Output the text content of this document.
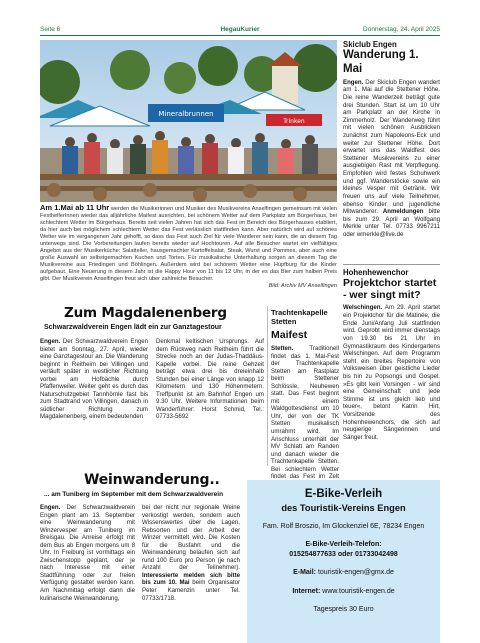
Seite 6	HegauKurier	Donnerstag, 24. April 2025
Mineralbrunnen
Trinken
Am 1.Mai ab 11 Uhr werden die Musikerinnen und Musiker des Musikvereins Anselfingen gemeinsam mit vielen FesthelferInnen wieder das alljährliche Maifest ausrichten, bei schönem Wetter auf dem Parkplatz am Bürgerhaus, bei schlechtem Wetter im Bürgerhaus. Bereits seit vielen Jahren hat sich das Fest im Bereich des Bürgerhauses etabliert, da hier auch bei möglichem schlechtem Wetter das Fest verlässlich stattfinden kann. Aber natürlich wird auf schönes Wetter wie im vergangenen Jahr gehofft, so dass das Fest auch Ziel für viele Wanderer sein kann, die an diesem Tag unterwegs sind. Die Vorbereitungen laufen bereits wieder auf Hochtouren. Auf alle Besucher wartet ein vielfältiges Angebot aus der Musikerküche: Salatteller, hausgemachter Kartoffelsalat, Steak, Wurst und Pommes, aber auch eine große Auswahl an selbstgemachten Kuchen und Torten. Für musikalische Unterhaltung sorgen an diesem Tag die Musikvereine aus Friedingen und Böhlingen. Außerdem wird bei schönem Wetter eine Hüpfburg für die Kinder aufgebaut. Eine Neuerung in diesem Jahr ist die Happy Hour von 11 bis 12 Uhr, in der es das Bier zum halben Preis gibt. Der Musikverein Anselfingen freut sich über zahlreiche Besucher.
Bild: Archiv MV Anselfingen
Skiclub Engen
Wanderung 1. Mai
Engen. Der Skiclub Engen wandert am 1. Mai auf die Stettener Höhe. Die reine Wanderzeit beträgt gute drei Stunden. Start ist um 10 Uhr am Parkplatz an der Kirche in Zimmerholz. Der Wanderweg führt mit vielen schönen Ausblicken zunächst zum Napoleons-Eck und weiter zur Stettener Höhe. Dort erwartet uns das Waldfest des Stettener Musikvereins zu einer ausgiebigen Rast mit Verpflegung. Empfohlen wird festes Schuhwerk und ggf. Wanderstöcke sowie ein kleines Vesper mit Getränk. Wir freuen uns auf viele Teilnehmer, ebenso Kinder und jugendliche Mitwanderer. Anmeldungen bitte bis zum 29. April an Wolfgang Merkle unter Tel. 07733 9967211 oder wmerkle@live.de
Hohenhewenchor
Projektchor startet - wer singt mit?
Welschingen. Am 29. April startet ein Projektchor für die Matinée, die Ende Juni/Anfang Juli stattfinden wird. Geprobt wird immer dienstags von 19.30 bis 21 Uhr im Gymnastikraum des Kindergartens Welschingen. Auf dem Programm steht ein breites Repertoire von Volksweisen über geistliche Lieder bis hin zu Popsongs und Gospel. »Es gibt kein Vorsingen - wir sind eine Gemeinschaft und jede Stimme ist uns gleich lieb und teuer«, betont Katrin Hirt, Vorsitzende des Hohenhewenchors, die sich auf neugierige Sängerinnen und Sänger freut.
Zum Magdalenenberg
Schwarzwaldverein Engen lädt ein zur Ganztagestour
Engen. Der Schwarzwaldverein Engen bietet am Sonntag, 27. April, wieder eine Ganztagestour an. Die Wanderung beginnt in Reitheim bei Villingen und verläuft später in westlicher Richtung vorbei am Hofbächle durch Pfaffenweiler. Weiter geht es durch das Naturschutzgebiet Tannhörnle fast bis zum Stadtrand von Villingen, danach in südlicher Richtung zum Magdalenenberg, einem bedeutenden
Denkmal keltischen Ursprungs. Auf dem Rückweg nach Reitheim führt die Strecke noch an der Judas-Thaddäus-Kapelle vorbei. Die reine Gehzeit beträgt etwa drei bis dreieinhalb Stunden bei einer Länge von knapp 12 Kilometern und 130 Höhenmetern. Treffpunkt ist am Bahnhof Engen um 9.30 Uhr. Weitere Informationen beim Wanderführer: Horst Schmid, Tel.: 07733-5692
Trachtenkapelle Stetten
Maifest
Stetten.	Traditionell findet das 1. Mai-Fest der Trachtenkapelle Stetten am Rastplatz beim Stettener Schlössle, Neuhewen statt. Das Fest beginnt mit einem Waldgottesdienst um 10 Uhr, der von der TK Stetten musikalisch umrahmt wird. Im Anschluss unterhält der MV Schlatt am Randen und danach wieder die Trachtenkapelle Stetten. Bei schlechtem Wetter findet das Fest im Zelt
Weinwanderung..
... am Tuniberg im September mit dem Schwarzwaldverein
Engen. Der Schwarzwaldverein Engen plant am 13. September eine Weinwanderung mit Winzervesper am Tuniberg im Breisgau. Die Anreise erfolgt mit dem Bus ab Engen morgens um 8 Uhr. In Freiburg ist vormittags ein Zwischenstopp geplant, der je nach Interesse mit einer Stadtführung oder zur freien Verfügung gestaltet werden kann. Am Nachmittag erfolgt dann die kulinarische Weinwanderung,
bei der nicht nur regionale Weine verkostigt werden, sondern auch Wissenswertes über die Lagen, Rebsorten und der Arbeit der Winzer vermittelt wird. Die Kosten für die Busfahrt und die Weinwanderung belaufen sich auf rund 100 Euro pro Person (je nach Anzahl der Teilnehmer). Interessierte melden sich bitte bis zum 10. Mai beim Organisator Peter Kamenzin unter Tel. 07733/1718.
E-Bike-Verleih
des Touristik-Vereins Engen
Fam. Rolf Broszio, Im Glockenziel 6E, 78234 Engen
E-Bike-Verleih-Telefon:
015254877633 oder 01733042498
E-Mail: touristik-engen@gmx.de
Internet: www.touristik-engen.de
Tagespreis 30 Euro
